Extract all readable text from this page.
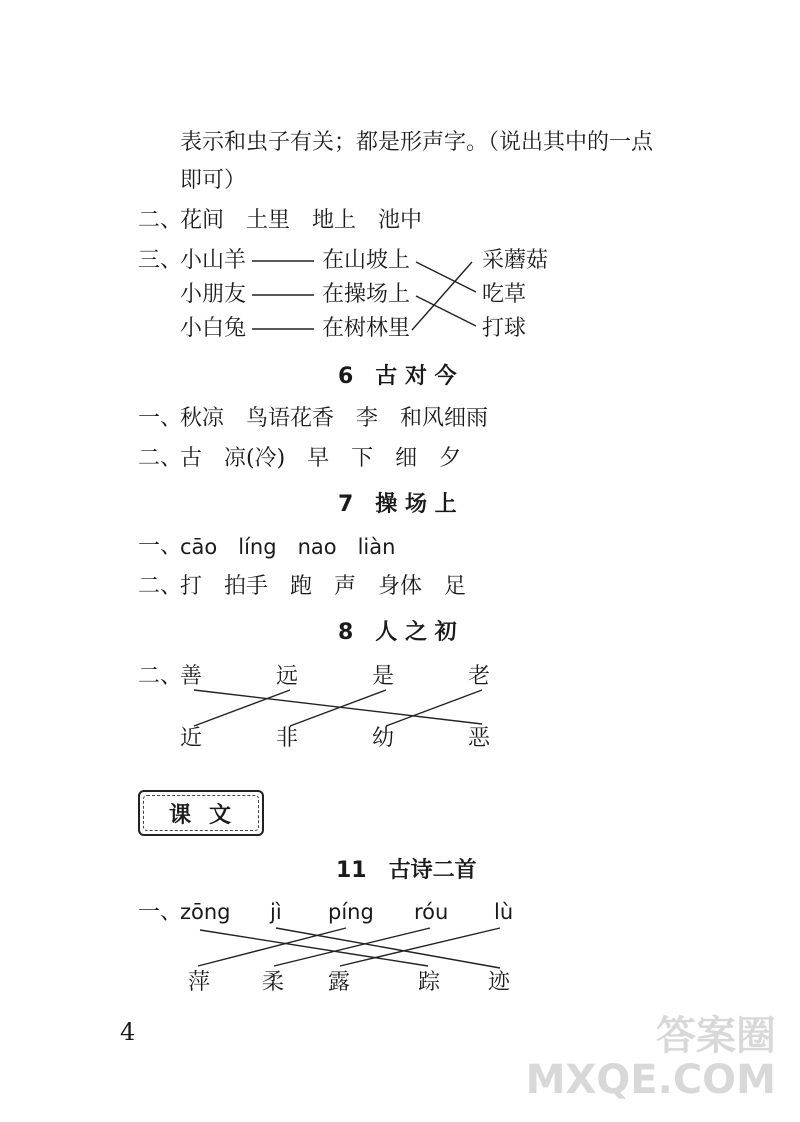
表示和虫子有关；都是形声字。（说出其中的一点
即可）
二、
花间　土里　地上　池中
三、
小山羊
小朋友
小白兔
在山坡上
在操场上
在树林里
采蘑菇
吃草
打球
6　古 对 今
一、
秋凉　鸟语花香　李　和风细雨
二、
古　凉(冷)　早　下　细　夕
7　操 场 上
一、
cāo　líng　nao　liàn
二、
打　拍手　跑　声　身体　足
8　人 之 初
二、
善	远	是	老
近	非	幼	恶
课文
11　古诗二首
一、
zōng jì píng róu lù
萍 柔 露	踪 迹
4	答案圈
MXQE.COM
